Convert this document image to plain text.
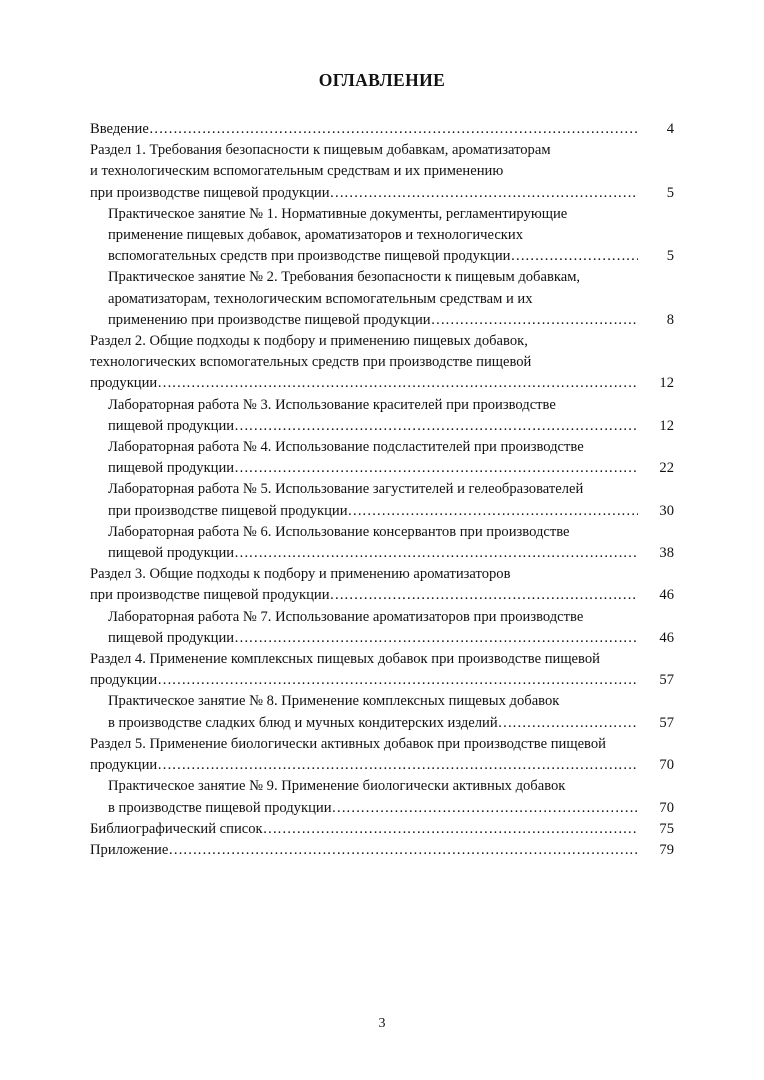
ОГЛАВЛЕНИЕ
Введение …………………………………………………………………………………………………………………………………………………………………………………………………………………	4
Раздел 1. Требования безопасности к пищевым добавкам, ароматизаторам
и технологическим вспомогательным средствам и их применению
при производстве пищевой продукции …………………………………………………………………………………………………………………………………………………………………………………………………………………	5
Практическое занятие № 1. Нормативные документы, регламентирующие
применение пищевых добавок, ароматизаторов и технологических
вспомогательных средств при производстве пищевой продукции …………………………………………………………………………………………………………………………………………………………………………………………………………………	5
Практическое занятие № 2. Требования безопасности к пищевым добавкам,
ароматизаторам, технологическим вспомогательным средствам и их
применению при производстве пищевой продукции …………………………………………………………………………………………………………………………………………………………………………………………………………………	8
Раздел 2. Общие подходы к подбору и применению пищевых добавок,
технологических вспомогательных средств при производстве пищевой
продукции …………………………………………………………………………………………………………………………………………………………………………………………………………………	12
Лабораторная работа № 3. Использование красителей при производстве
пищевой продукции …………………………………………………………………………………………………………………………………………………………………………………………………………………	12
Лабораторная работа № 4. Использование подсластителей при производстве
пищевой продукции …………………………………………………………………………………………………………………………………………………………………………………………………………………	22
Лабораторная работа № 5. Использование загустителей и гелеобразователей
при производстве пищевой продукции …………………………………………………………………………………………………………………………………………………………………………………………………………………	30
Лабораторная работа № 6. Использование консервантов при производстве
пищевой продукции …………………………………………………………………………………………………………………………………………………………………………………………………………………	38
Раздел 3. Общие подходы к подбору и применению ароматизаторов
при производстве пищевой продукции …………………………………………………………………………………………………………………………………………………………………………………………………………………	46
Лабораторная работа № 7. Использование ароматизаторов при производстве
пищевой продукции …………………………………………………………………………………………………………………………………………………………………………………………………………………	46
Раздел 4. Применение комплексных пищевых добавок при производстве пищевой
продукции …………………………………………………………………………………………………………………………………………………………………………………………………………………	57
Практическое занятие № 8. Применение комплексных пищевых добавок
в производстве сладких блюд и мучных кондитерских изделий …………………………………………………………………………………………………………………………………………………………………………………………………………………	57
Раздел 5. Применение биологически активных добавок при производстве пищевой
продукции …………………………………………………………………………………………………………………………………………………………………………………………………………………	70
Практическое занятие № 9. Применение биологически активных добавок
в производстве пищевой продукции …………………………………………………………………………………………………………………………………………………………………………………………………………………	70
Библиографический список …………………………………………………………………………………………………………………………………………………………………………………………………………………	75
Приложение …………………………………………………………………………………………………………………………………………………………………………………………………………………	79
3
